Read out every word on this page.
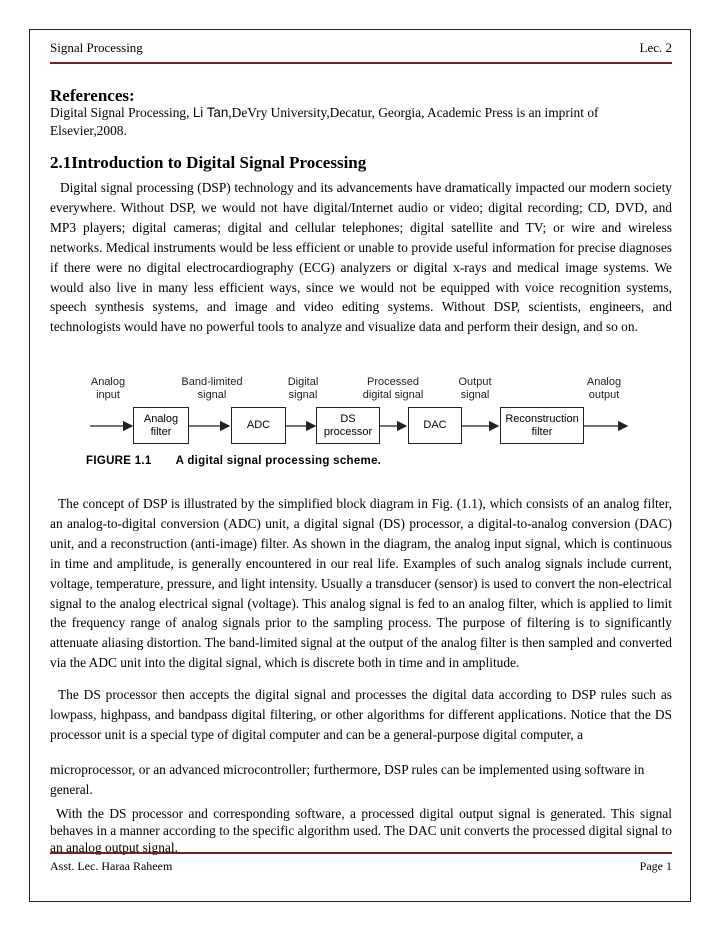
Signal Processing	Lec. 2
References:
Digital Signal Processing, Li Tan,DeVry University,Decatur, Georgia, Academic Press is an imprint of Elsevier,2008.
2.1Introduction to Digital Signal Processing
Digital signal processing (DSP) technology and its advancements have dramatically impacted our modern society everywhere. Without DSP, we would not have digital/Internet audio or video; digital recording; CD, DVD, and MP3 players; digital cameras; digital and cellular telephones; digital satellite and TV; or wire and wireless networks. Medical instruments would be less efficient or unable to provide useful information for precise diagnoses if there were no digital electrocardiography (ECG) analyzers or digital x-rays and medical image systems. We would also live in many less efficient ways, since we would not be equipped with voice recognition systems, speech synthesis systems, and image and video editing systems. Without DSP, scientists, engineers, and technologists would have no powerful tools to analyze and visualize data and perform their design, and so on.
Analog
input
Band-limited
signal
Digital
signal
Processed
digital signal
Output
signal
Analog
output
Analog
filter
ADC
DS
processor
DAC
Reconstruction
filter
FIGURE 1.1 A digital signal processing scheme.
The concept of DSP is illustrated by the simplified block diagram in Fig. (1.1), which consists of an analog filter, an analog-to-digital conversion (ADC) unit, a digital signal (DS) processor, a digital-to-analog conversion (DAC) unit, and a reconstruction (anti-image) filter. As shown in the diagram, the analog input signal, which is continuous in time and amplitude, is generally encountered in our real life. Examples of such analog signals include current, voltage, temperature, pressure, and light intensity. Usually a transducer (sensor) is used to convert the non-electrical signal to the analog electrical signal (voltage). This analog signal is fed to an analog filter, which is applied to limit the frequency range of analog signals prior to the sampling process. The purpose of filtering is to significantly attenuate aliasing distortion. The band-limited signal at the output of the analog filter is then sampled and converted via the ADC unit into the digital signal, which is discrete both in time and in amplitude.
The DS processor then accepts the digital signal and processes the digital data according to DSP rules such as lowpass, highpass, and bandpass digital filtering, or other algorithms for different applications. Notice that the DS processor unit is a special type of digital computer and can be a general-purpose digital computer, a
microprocessor, or an advanced microcontroller; furthermore, DSP rules can be implemented using software in general.
With the DS processor and corresponding software, a processed digital output signal is generated. This signal behaves in a manner according to the specific algorithm used. The DAC unit converts the processed digital signal to an analog output signal.
Asst. Lec. Haraa Raheem	Page 1
